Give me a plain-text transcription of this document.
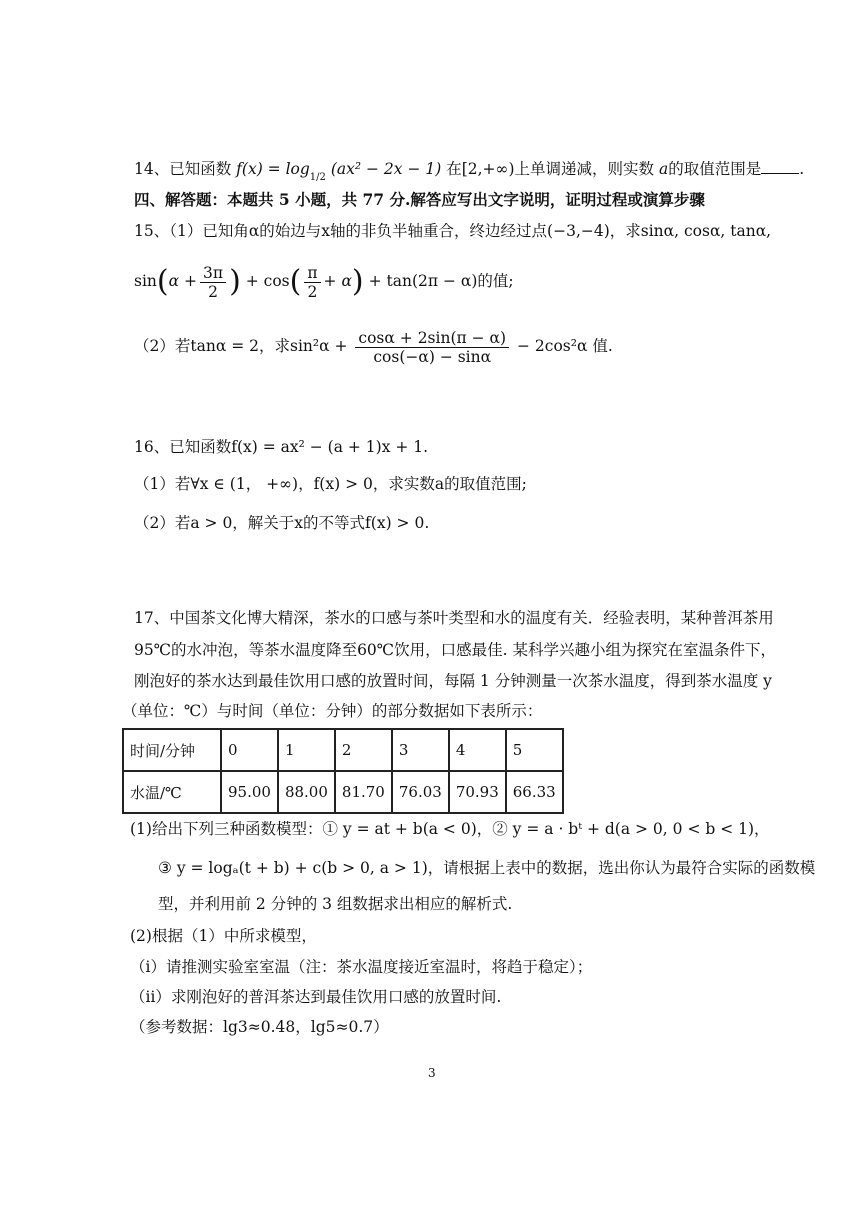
14、已知函数 $f(x) = \log_{1/2} (ax^2 - 2x - 1)$ 在[2,+∞)上单调递减，则实数 a的取值范围是 .
四、解答题：本题共 5 小题，共 77 分.解答应写出文字说明，证明过程或演算步骤
15、（1）已知角α的始边与x轴的非负半轴重合，终边经过点(−3,−4)，求sinα, cosα, tanα,
$\sin(\alpha + \frac{3\pi}{2}$ ) + $\cos( \frac{\pi}{2} + \alpha) + \tan(2\pi - \alpha)$的值;
（2）若tanα = 2，求$\sin^2\alpha + \frac{\cos\alpha + 2\sin(\pi - \alpha)}{\cos(-\alpha) - \sin\alpha} - 2\cos^2\alpha$ 值.
16、已知函数f(x) = ax² − (a + 1)x + 1.
（1）若∀x ∈ (1， +∞)，f(x) > 0，求实数a的取值范围;
（2）若a > 0，解关于x的不等式f(x) > 0.
17、中国茶文化博大精深，茶水的口感与茶叶类型和水的温度有关．经验表明，某种普洱茶用
95℃的水冲泡，等茶水温度降至60℃饮用，口感最佳. 某科学兴趣小组为探究在室温条件下，
刚泡好的茶水达到最佳饮用口感的放置时间，每隔 1 分钟测量一次茶水温度，得到茶水温度 y
（单位：℃）与时间（单位：分钟）的部分数据如下表所示：
时间/分钟	0	1	2	3	4	5
水温/℃	95.00	88.00	81.70	76.03	70.93	66.33
(1)给出下列三种函数模型：① y = at + b(a < 0)，② y = a · bᵗ + d(a > 0, 0 < b < 1)，
③ y = logₐ(t + b) + c(b > 0, a > 1)，请根据上表中的数据，选出你认为最符合实际的函数模
型，并利用前 2 分钟的 3 组数据求出相应的解析式.
(2)根据（1）中所求模型，
（ⅰ）请推测实验室室温（注：茶水温度接近室温时，将趋于稳定）；
（ⅱ）求刚泡好的普洱茶达到最佳饮用口感的放置时间.
（参考数据：lg3≈0.48，lg5≈0.7）
3
